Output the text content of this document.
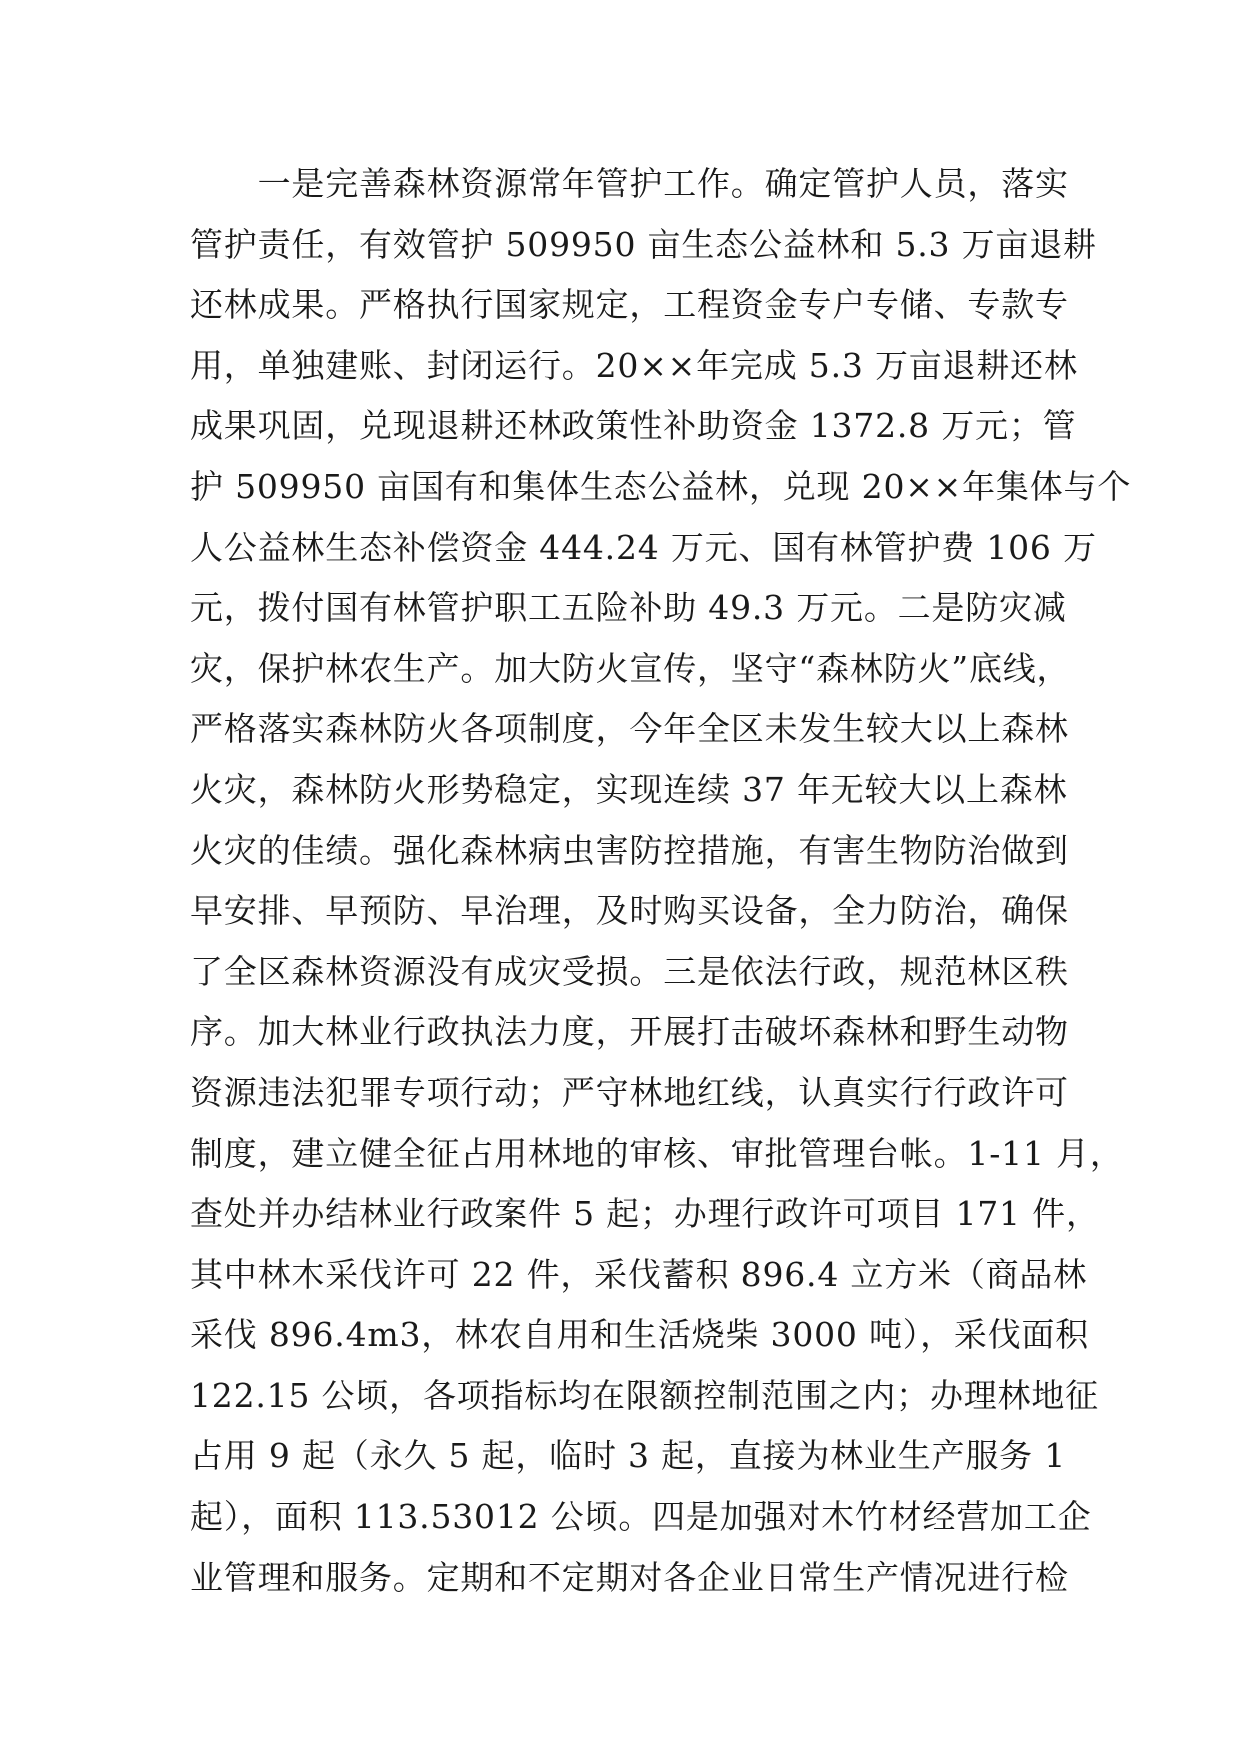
　　一是完善森林资源常年管护工作。确定管护人员，落实
管护责任，有效管护 509950 亩生态公益林和 5.3 万亩退耕
还林成果。严格执行国家规定，工程资金专户专储、专款专
用，单独建账、封闭运行。20××年完成 5.3 万亩退耕还林
成果巩固，兑现退耕还林政策性补助资金 1372.8 万元；管
护 509950 亩国有和集体生态公益林，兑现 20××年集体与个
人公益林生态补偿资金 444.24 万元、国有林管护费 106 万
元，拨付国有林管护职工五险补助 49.3 万元。二是防灾减
灾，保护林农生产。加大防火宣传，坚守“森林防火”底线，
严格落实森林防火各项制度，今年全区未发生较大以上森林
火灾，森林防火形势稳定，实现连续 37 年无较大以上森林
火灾的佳绩。强化森林病虫害防控措施，有害生物防治做到
早安排、早预防、早治理，及时购买设备，全力防治，确保
了全区森林资源没有成灾受损。三是依法行政，规范林区秩
序。加大林业行政执法力度，开展打击破坏森林和野生动物
资源违法犯罪专项行动；严守林地红线，认真实行行政许可
制度，建立健全征占用林地的审核、审批管理台帐。1-11 月，
查处并办结林业行政案件 5 起；办理行政许可项目 171 件，
其中林木采伐许可 22 件，采伐蓄积 896.4 立方米（商品林
采伐 896.4m3，林农自用和生活烧柴 3000 吨），采伐面积
122.15 公顷，各项指标均在限额控制范围之内；办理林地征
占用 9 起（永久 5 起，临时 3 起，直接为林业生产服务 1
起），面积 113.53012 公顷。四是加强对木竹材经营加工企
业管理和服务。定期和不定期对各企业日常生产情况进行检
